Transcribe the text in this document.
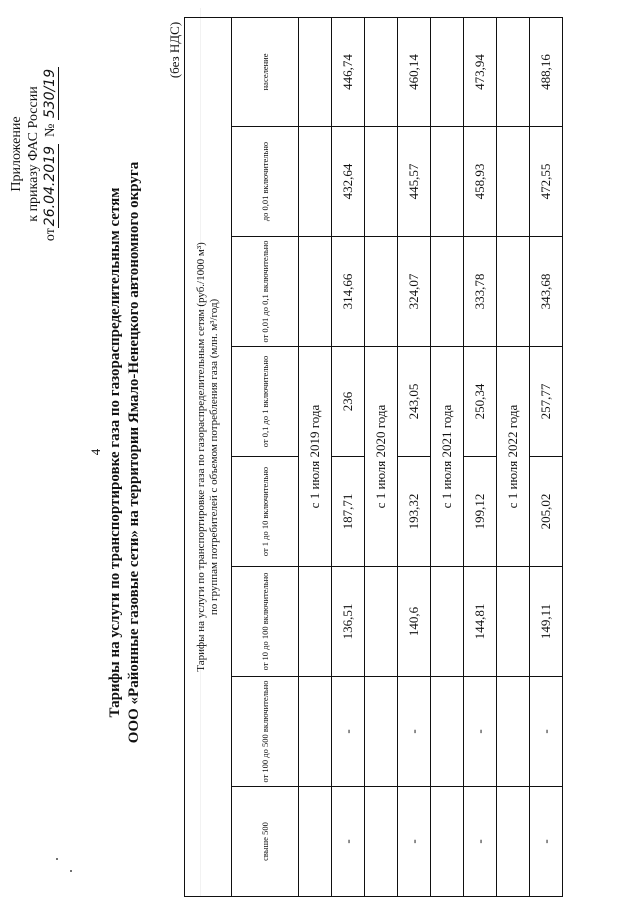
4
Приложение к приказу ФАС России
от26.04.2019  № 530/19
Тарифы на услуги по транспортировке газа по газораспределительным сетям ООО «Районные газовые сети» на территории Ямало-Ненецкого автономного округа
(без НДС)
Тарифы на услуги по транспортировке газа по газораспределительным сетям (руб./1000 м³) по группам потребителей с объемом потребления газа (млн. м³/год)							

свыше 500	от 100 до 500 включительно	от 10 до 100 включительно	от 1 до 10 включительно	от 0,1 до 1 включительно	от 0,01 до 0,1 включительно	до 0,01 включительно	население
			с 1 июля 2019 года				
-	-	136,51	187,71	236	314,66	432,64	446,74
			с 1 июля 2020 года				
-	-	140,6	193,32	243,05	324,07	445,57	460,14
			с 1 июля 2021 года				
-	-	144,81	199,12	250,34	333,78	458,93	473,94
			с 1 июля 2022 года				
-	-	149,11	205,02	257,77	343,68	472,55	488,16
